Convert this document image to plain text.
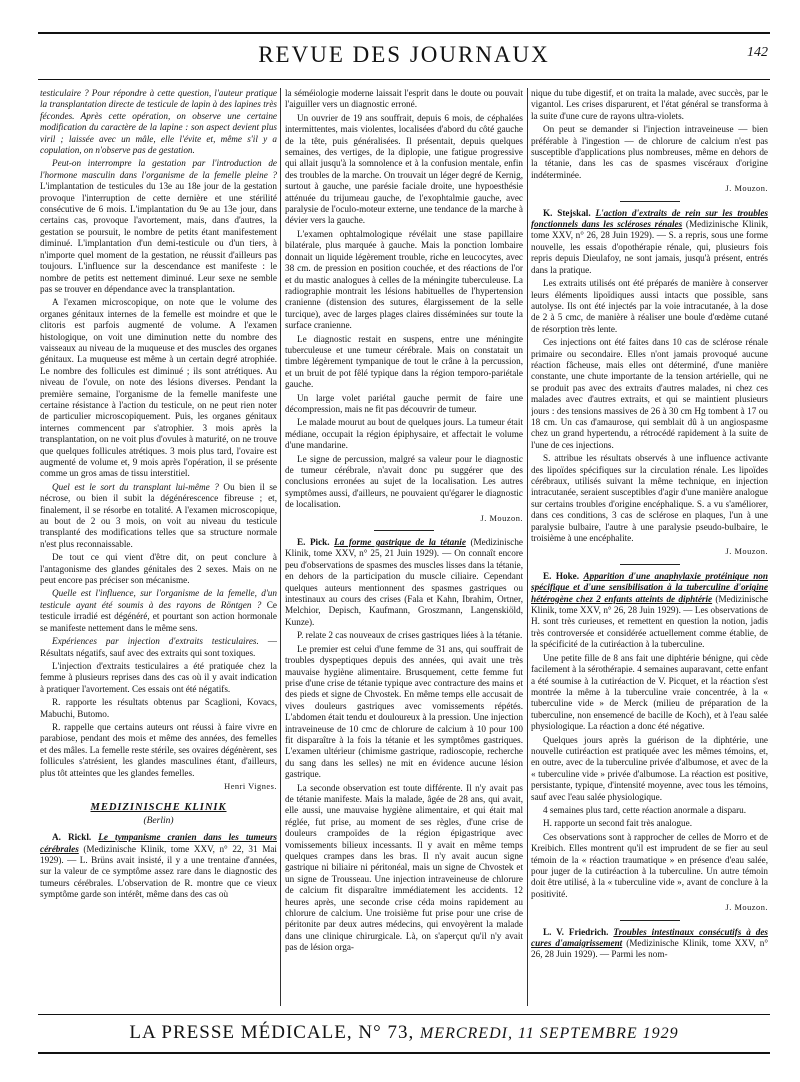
REVUE DES JOURNAUX	142

testiculaire ? Pour répondre à cette question, l'auteur pratique la transplantation directe de testicule de lapin à des lapines très fécondes. Après cette opération, on observe une certaine modification du caractère de la lapine : son aspect devient plus viril ; laissée avec un mâle, elle l'évite et, même s'il y a copulation, on n'observe pas de gestation.

Peut-on interrompre la gestation par l'introduction de l'hormone masculin dans l'organisme de la femelle pleine ? L'implantation de testicules du 13e au 18e jour de la gestation provoque l'interruption de cette dernière et une stérilité consécutive de 6 mois. L'implantation du 9e au 13e jour, dans certains cas, provoque l'avortement, mais, dans d'autres, la gestation se poursuit, le nombre de petits étant manifestement diminué. L'implantation d'un demi-testicule ou d'un tiers, à n'importe quel moment de la gestation, ne réussit d'ailleurs pas toujours. L'influence sur la descendance est manifeste : le nombre de petits est nettement diminué. Leur sexe ne semble pas se trouver en dépendance avec la transplantation.

A l'examen microscopique, on note que le volume des organes génitaux internes de la femelle est moindre et que le clitoris est parfois augmenté de volume. A l'examen histologique, on voit une diminution nette du nombre des vaisseaux au niveau de la muqueuse et des muscles des organes génitaux. La muqueuse est même à un certain degré atrophiée. Le nombre des follicules est diminué ; ils sont atrétiques. Au niveau de l'ovule, on note des lésions diverses. Pendant la première semaine, l'organisme de la femelle manifeste une certaine résistance à l'action du testicule, on ne peut rien noter de particulier microscopiquement. Puis, les organes génitaux internes commencent par s'atrophier. 3 mois après la transplantation, on ne voit plus d'ovules à maturité, on ne trouve que quelques follicules atrétiques. 3 mois plus tard, l'ovaire est augmenté de volume et, 9 mois après l'opération, il se présente comme un gros amas de tissu interstitiel.

Quel est le sort du transplant lui-même ? Ou bien il se nécrose, ou bien il subit la dégénérescence fibreuse ; et, finalement, il se résorbe en totalité. A l'examen microscopique, au bout de 2 ou 3 mois, on voit au niveau du testicule transplanté des modifications telles que sa structure normale n'est plus reconnaissable.

De tout ce qui vient d'être dit, on peut conclure à l'antagonisme des glandes génitales des 2 sexes. Mais on ne peut encore pas préciser son mécanisme.

Quelle est l'influence, sur l'organisme de la femelle, d'un testicule ayant été soumis à des rayons de Röntgen ? Ce testicule irradié est dégénéré, et pourtant son action hormonale se manifeste nettement dans le même sens.

Expériences par injection d'extraits testiculaires. — Résultats négatifs, sauf avec des extraits qui sont toxiques.

L'injection d'extraits testiculaires a été pratiquée chez la femme à plusieurs reprises dans des cas où il y avait indication à pratiquer l'avortement. Ces essais ont été négatifs.

R. rapporte les résultats obtenus par Scaglioni, Kovacs, Mabuchi, Butomo.

R. rappelle que certains auteurs ont réussi à faire vivre en parabiose, pendant des mois et même des années, des femelles et des mâles. La femelle reste stérile, ses ovaires dégénèrent, ses follicules s'atrésient, les glandes masculines étant, d'ailleurs, plus tôt atteintes que les glandes femelles.

Henri Vignes.

MEDIZINISCHE KLINIK
(Berlin)

A. Rickl. Le tympanisme cranien dans les tumeurs cérébrales (Medizinische Klinik, tome XXV, n° 22, 31 Mai 1929). — L. Brüns avait insisté, il y a une trentaine d'années, sur la valeur de ce symptôme assez rare dans le diagnostic des tumeurs cérébrales. L'observation de R. montre que ce vieux symptôme garde son intérêt, même dans des cas où

la séméiologie moderne laissait l'esprit dans le doute ou pouvait l'aiguiller vers un diagnostic erroné.

Un ouvrier de 19 ans souffrait, depuis 6 mois, de céphalées intermittentes, mais violentes, localisées d'abord du côté gauche de la tête, puis généralisées. Il présentait, depuis quelques semaines, des vertiges, de la diplopie, une fatigue progressive qui allait jusqu'à la somnolence et à la confusion mentale, enfin des troubles de la marche. On trouvait un léger degré de Kernig, surtout à gauche, une parésie faciale droite, une hypoesthésie atténuée du trijumeau gauche, de l'exophtalmie gauche, avec paralysie de l'oculo-moteur externe, une tendance de la marche à dévier vers la gauche.

L'examen ophtalmologique révélait une stase papillaire bilatérale, plus marquée à gauche. Mais la ponction lombaire donnait un liquide légèrement trouble, riche en leucocytes, avec 38 cm. de pression en position couchée, et des réactions de l'or et du mastic analogues à celles de la méningite tuberculeuse. La radiographie montrait les lésions habituelles de l'hypertension cranienne (distension des sutures, élargissement de la selle turcique), avec de larges plages claires disséminées sur toute la surface cranienne.

Le diagnostic restait en suspens, entre une méningite tuberculeuse et une tumeur cérébrale. Mais on constatait un timbre légèrement tympanique de tout le crâne à la percussion, et un bruit de pot fêlé typique dans la région temporo-pariétale gauche.

Un large volet pariétal gauche permit de faire une décompression, mais ne fit pas découvrir de tumeur.

Le malade mourut au bout de quelques jours. La tumeur était médiane, occupait la région épiphysaire, et affectait le volume d'une mandarine.

Le signe de percussion, malgré sa valeur pour le diagnostic de tumeur cérébrale, n'avait donc pu suggérer que des conclusions erronées au sujet de la localisation. Les autres symptômes aussi, d'ailleurs, ne pouvaient qu'égarer le diagnostic de localisation.

J. Mouzon.

E. Pick. La forme gastrique de la tétanie (Medizinische Klinik, tome XXV, n° 25, 21 Juin 1929). — On connaît encore peu d'observations de spasmes des muscles lisses dans la tétanie, en dehors de la participation du muscle ciliaire. Cependant quelques auteurs mentionnent des spasmes gastriques ou intestinaux au cours des crises (Fala et Kahn, Ibrahim, Ortner, Melchior, Depisch, Kaufmann, Groszmann, Langenskiöld, Kunze).

P. relate 2 cas nouveaux de crises gastriques liées à la tétanie.

Le premier est celui d'une femme de 31 ans, qui souffrait de troubles dyspeptiques depuis des années, qui avait une très mauvaise hygiène alimentaire. Brusquement, cette femme fut prise d'une crise de tétanie typique avec contracture des mains et des pieds et signe de Chvostek. En même temps elle accusait de vives douleurs gastriques avec vomissements répétés. L'abdomen était tendu et douloureux à la pression. Une injection intraveineuse de 10 cmc de chlorure de calcium à 10 pour 100 fit disparaître à la fois la tétanie et les symptômes gastriques. L'examen ultérieur (chimisme gastrique, radioscopie, recherche du sang dans les selles) ne mit en évidence aucune lésion gastrique.

La seconde observation est toute différente. Il n'y avait pas de tétanie manifeste. Mais la malade, âgée de 28 ans, qui avait, elle aussi, une mauvaise hygiène alimentaire, et qui était mal réglée, fut prise, au moment de ses règles, d'une crise de douleurs crampoïdes de la région épigastrique avec vomissements bilieux incessants. Il y avait en même temps quelques crampes dans les bras. Il n'y avait aucun signe gastrique ni biliaire ni péritonéal, mais un signe de Chvostek et un signe de Trousseau. Une injection intraveineuse de chlorure de calcium fit disparaître immédiatement les accidents. 12 heures après, une seconde crise céda moins rapidement au chlorure de calcium. Une troisième fut prise pour une crise de péritonite par deux autres médecins, qui envoyèrent la malade dans une clinique chirurgicale. Là, on s'aperçut qu'il n'y avait pas de lésion orga-

nique du tube digestif, et on traita la malade, avec succès, par le vigantol. Les crises disparurent, et l'état général se transforma à la suite d'une cure de rayons ultra-violets.

On peut se demander si l'injection intraveineuse — bien préférable à l'ingestion — de chlorure de calcium n'est pas susceptible d'applications plus nombreuses, même en dehors de la tétanie, dans les cas de spasmes viscéraux d'origine indéterminée.

J. Mouzon.

K. Stejskal. L'action d'extraits de rein sur les troubles fonctionnels dans les scléroses rénales (Medizinische Klinik, tome XXV, n° 26, 28 Juin 1929). — S. a repris, sous une forme nouvelle, les essais d'opothérapie rénale, qui, plusieurs fois repris depuis Dieulafoy, ne sont jamais, jusqu'à présent, entrés dans la pratique.

Les extraits utilisés ont été préparés de manière à conserver leurs éléments lipoïdiques aussi intacts que possible, sans autolyse. Ils ont été injectés par la voie intracutanée, à la dose de 2 à 5 cmc, de manière à réaliser une boule d'œdème cutané de résorption très lente.

Ces injections ont été faites dans 10 cas de sclérose rénale primaire ou secondaire. Elles n'ont jamais provoqué aucune réaction fâcheuse, mais elles ont déterminé, d'une manière constante, une chute importante de la tension artérielle, qui ne se produit pas avec des extraits d'autres malades, ni chez ces malades avec d'autres extraits, et qui se maintient plusieurs jours : des tensions massives de 26 à 30 cm Hg tombent à 17 ou 18 cm. Un cas d'amaurose, qui semblait dû à un angiospasme chez un grand hypertendu, a rétrocédé rapidement à la suite de l'une de ces injections.

S. attribue les résultats observés à une influence activante des lipoïdes spécifiques sur la circulation rénale. Les lipoïdes cérébraux, utilisés suivant la même technique, en injection intracutanée, seraient susceptibles d'agir d'une manière analogue sur certains troubles d'origine encéphalique. S. a vu s'améliorer, dans ces conditions, 3 cas de sclérose en plaques, l'un à une paralysie bulbaire, l'autre à une paralysie pseudo-bulbaire, le troisième à une encéphalite.

J. Mouzon.

E. Hoke. Apparition d'une anaphylaxie protéinique non spécifique et d'une sensibilisation à la tuberculine d'origine hétérogène chez 2 enfants atteints de diphtérie (Medizinische Klinik, tome XXV, n° 26, 28 Juin 1929). — Les observations de H. sont très curieuses, et remettent en question la notion, jadis très controversée et considérée actuellement comme établie, de la spécificité de la cutiréaction à la tuberculine.

Une petite fille de 8 ans fait une diphtérie bénigne, qui cède facilement à la sérothérapie. 4 semaines auparavant, cette enfant a été soumise à la cutiréaction de V. Picquet, et la réaction s'est montrée la même à la tuberculine vraie concentrée, à la « tuberculine vide » de Merck (milieu de préparation de la tuberculine, non ensemencé de bacille de Koch), et à l'eau salée physiologique. La réaction a donc été négative.

Quelques jours après la guérison de la diphtérie, une nouvelle cutiréaction est pratiquée avec les mêmes témoins, et, en outre, avec de la tuberculine privée d'albumose, et avec de la « tuberculine vide » privée d'albumose. La réaction est positive, persistante, typique, d'intensité moyenne, avec tous les témoins, sauf avec l'eau salée physiologique.

4 semaines plus tard, cette réaction anormale a disparu.

H. rapporte un second fait très analogue.

Ces observations sont à rapprocher de celles de Morro et de Kreibich. Elles montrent qu'il est imprudent de se fier au seul témoin de la « réaction traumatique » en présence d'eau salée, pour juger de la cutiréaction à la tuberculine. Un autre témoin doit être utilisé, à la « tuberculine vide », avant de conclure à la positivité.

J. Mouzon.

L. V. Friedrich. Troubles intestinaux consécutifs à des cures d'amaigrissement (Medizinische Klinik, tome XXV, n° 26, 28 Juin 1929). — Parmi les nom-

LA PRESSE MÉDICALE, N° 73, MERCREDI, 11 SEPTEMBRE 1929
